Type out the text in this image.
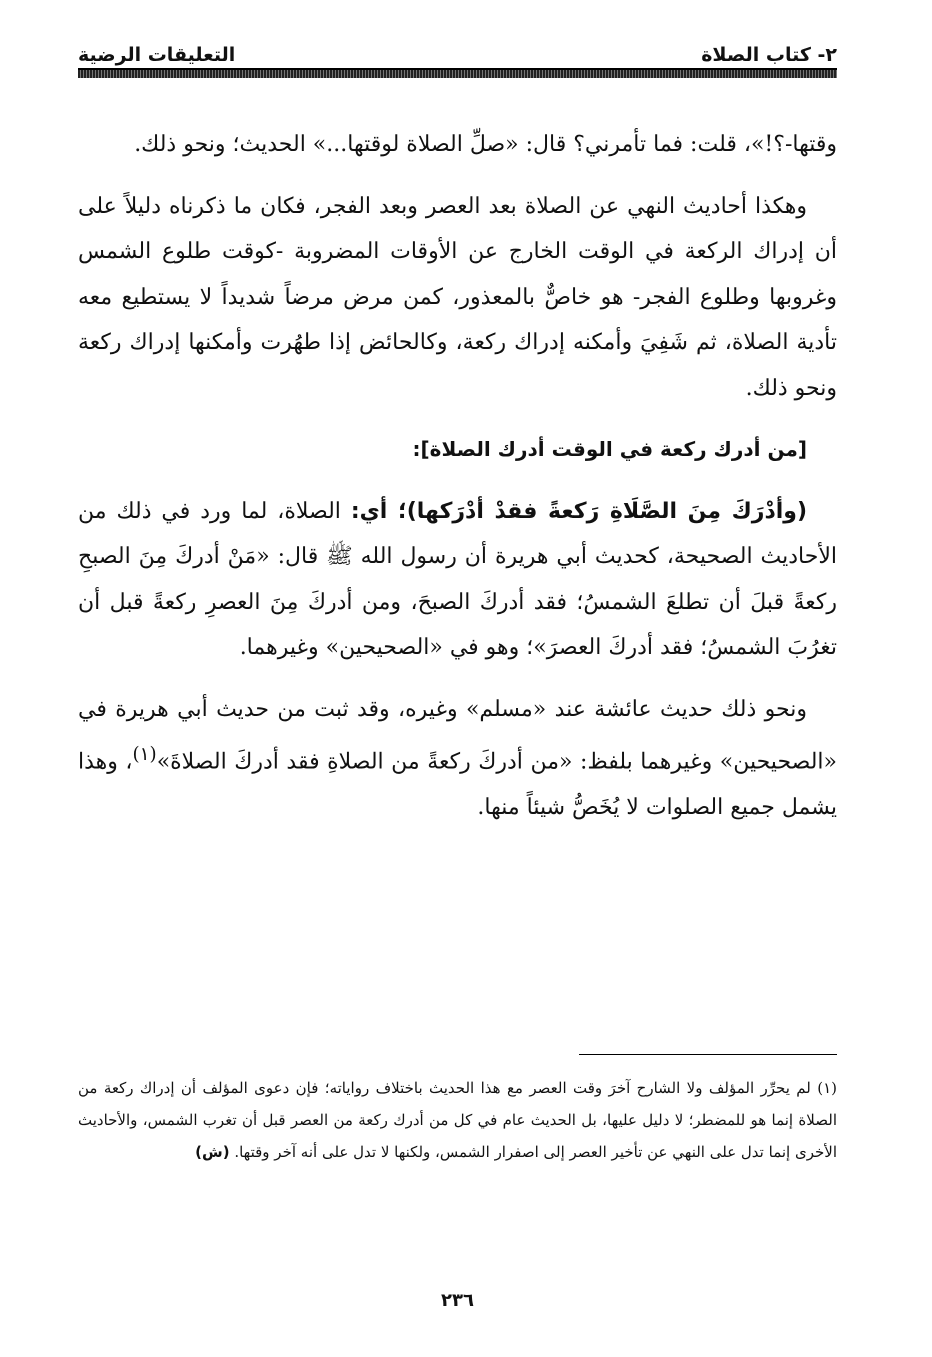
٢- كتاب الصلاة
التعليقات الرضية

وقتها-؟!»، قلت: فما تأمرني؟ قال: «صلِّ الصلاة لوقتها...» الحديث؛ ونحو ذلك.

وهكذا أحاديث النهي عن الصلاة بعد العصر وبعد الفجر، فكان ما ذكرناه دليلاً على أن إدراك الركعة في الوقت الخارج عن الأوقات المضروبة -كوقت طلوع الشمس وغروبها وطلوع الفجر- هو خاصٌّ بالمعذور، كمن مرض مرضاً شديداً لا يستطيع معه تأدية الصلاة، ثم شَفِيَ وأمكنه إدراك ركعة، وكالحائض إذا طهُرت وأمكنها إدراك ركعة ونحو ذلك.

[من أدرك ركعة في الوقت أدرك الصلاة]:

(وأدْرَكَ مِنَ الصَّلَاةِ رَكعةً فقدْ أدْرَكها)؛ أي: الصلاة، لما ورد في ذلك من الأحاديث الصحيحة، كحديث أبي هريرة أن رسول الله ﷺ قال: «مَنْ أدركَ مِنَ الصبحِ ركعةً قبلَ أن تطلعَ الشمسُ؛ فقد أدركَ الصبحَ، ومن أدركَ مِنَ العصرِ ركعةً قبل أن تغرُبَ الشمسُ؛ فقد أدركَ العصرَ»؛ وهو في «الصحيحين» وغيرهما.

ونحو ذلك حديث عائشة عند «مسلم» وغيره، وقد ثبت من حديث أبي هريرة في «الصحيحين» وغيرهما بلفظ: «من أدركَ ركعةً من الصلاةِ فقد أدركَ الصلاةَ»$^{(١)}$، وهذا يشمل جميع الصلوات لا يُخَصُّ شيئاً منها.

(١) لم يحرِّر المؤلف ولا الشارح آخرَ وقت العصر مع هذا الحديث باختلاف رواياته؛ فإن دعوى المؤلف أن إدراك ركعة من الصلاة إنما هو للمضطر؛ لا دليل عليها، بل الحديث عام في كل من أدرك ركعة من العصر قبل أن تغرب الشمس، والأحاديث الأخرى إنما تدل على النهي عن تأخير العصر إلى اصفرار الشمس، ولكنها لا تدل على أنه آخر وقتها. (ش)

٢٣٦
